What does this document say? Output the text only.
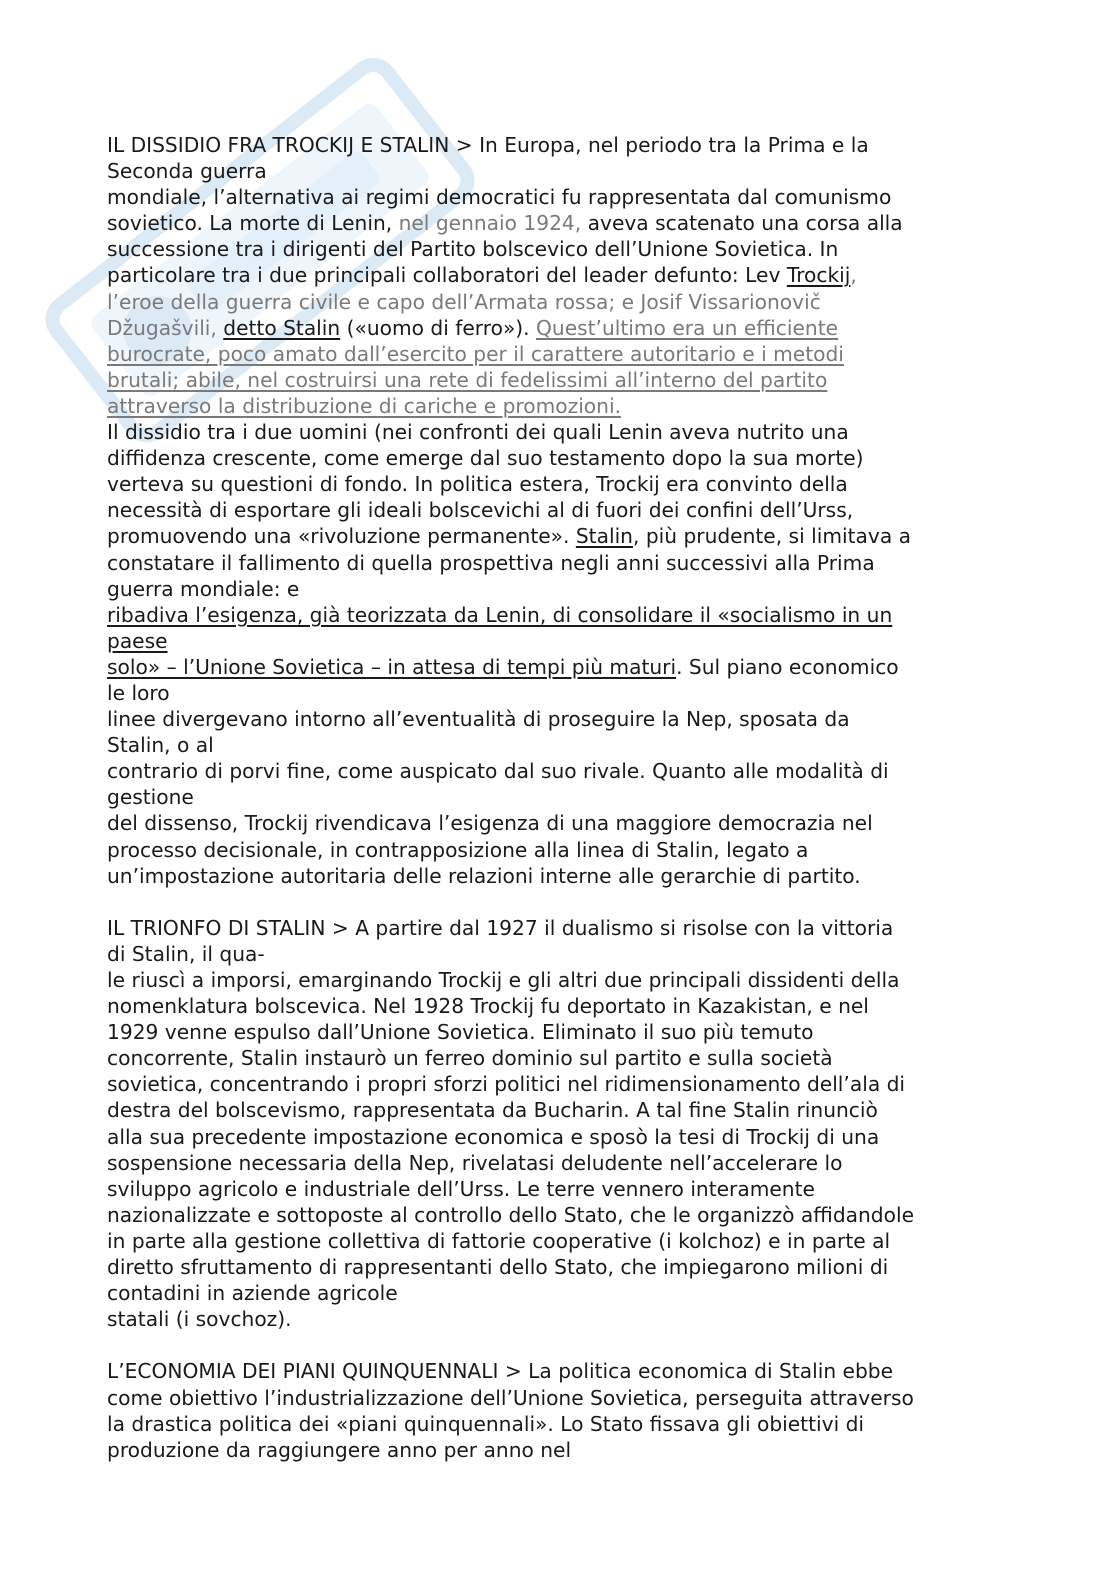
IL DISSIDIO FRA TROCKIJ E STALIN > In Europa, nel periodo tra la Prima e la
Seconda guerra
mondiale, l’alternativa ai regimi democratici fu rappresentata dal comunismo
sovietico. La morte di Lenin, nel gennaio 1924, aveva scatenato una corsa alla
successione tra i dirigenti del Partito bolscevico dell’Unione Sovietica. In
particolare tra i due principali collaboratori del leader defunto: Lev Trockij,
l’eroe della guerra civile e capo dell’Armata rossa; e Josif Vissarionovič
Džugašvili, detto Stalin («uomo di ferro»). Quest’ultimo era un efficiente
burocrate, poco amato dall’esercito per il carattere autoritario e i metodi
brutali; abile, nel costruirsi una rete di fedelissimi all’interno del partito
attraverso la distribuzione di cariche e promozioni.
Il dissidio tra i due uomini (nei confronti dei quali Lenin aveva nutrito una
diffidenza crescente, come emerge dal suo testamento dopo la sua morte)
verteva su questioni di fondo. In politica estera, Trockij era convinto della
necessità di esportare gli ideali bolscevichi al di fuori dei confini dell’Urss,
promuovendo una «rivoluzione permanente». Stalin, più prudente, si limitava a
constatare il fallimento di quella prospettiva negli anni successivi alla Prima
guerra mondiale: e
ribadiva l’esigenza, già teorizzata da Lenin, di consolidare il «socialismo in un
paese
solo» – l’Unione Sovietica – in attesa di tempi più maturi. Sul piano economico
le loro
linee divergevano intorno all’eventualità di proseguire la Nep, sposata da
Stalin, o al
contrario di porvi fine, come auspicato dal suo rivale. Quanto alle modalità di
gestione
del dissenso, Trockij rivendicava l’esigenza di una maggiore democrazia nel
processo decisionale, in contrapposizione alla linea di Stalin, legato a
un’impostazione autoritaria delle relazioni interne alle gerarchie di partito.
IL TRIONFO DI STALIN > A partire dal 1927 il dualismo si risolse con la vittoria
di Stalin, il qua-
le riuscì a imporsi, emarginando Trockij e gli altri due principali dissidenti della
nomenklatura bolscevica. Nel 1928 Trockij fu deportato in Kazakistan, e nel
1929 venne espulso dall’Unione Sovietica. Eliminato il suo più temuto
concorrente, Stalin instaurò un ferreo dominio sul partito e sulla società
sovietica, concentrando i propri sforzi politici nel ridimensionamento dell’ala di
destra del bolscevismo, rappresentata da Bucharin. A tal fine Stalin rinunciò
alla sua precedente impostazione economica e sposò la tesi di Trockij di una
sospensione necessaria della Nep, rivelatasi deludente nell’accelerare lo
sviluppo agricolo e industriale dell’Urss. Le terre vennero interamente
nazionalizzate e sottoposte al controllo dello Stato, che le organizzò affidandole
in parte alla gestione collettiva di fattorie cooperative (i kolchoz) e in parte al
diretto sfruttamento di rappresentanti dello Stato, che impiegarono milioni di
contadini in aziende agricole
statali (i sovchoz).
L’ECONOMIA DEI PIANI QUINQUENNALI > La politica economica di Stalin ebbe
come obiettivo l’industrializzazione dell’Unione Sovietica, perseguita attraverso
la drastica politica dei «piani quinquennali». Lo Stato fissava gli obiettivi di
produzione da raggiungere anno per anno nel
